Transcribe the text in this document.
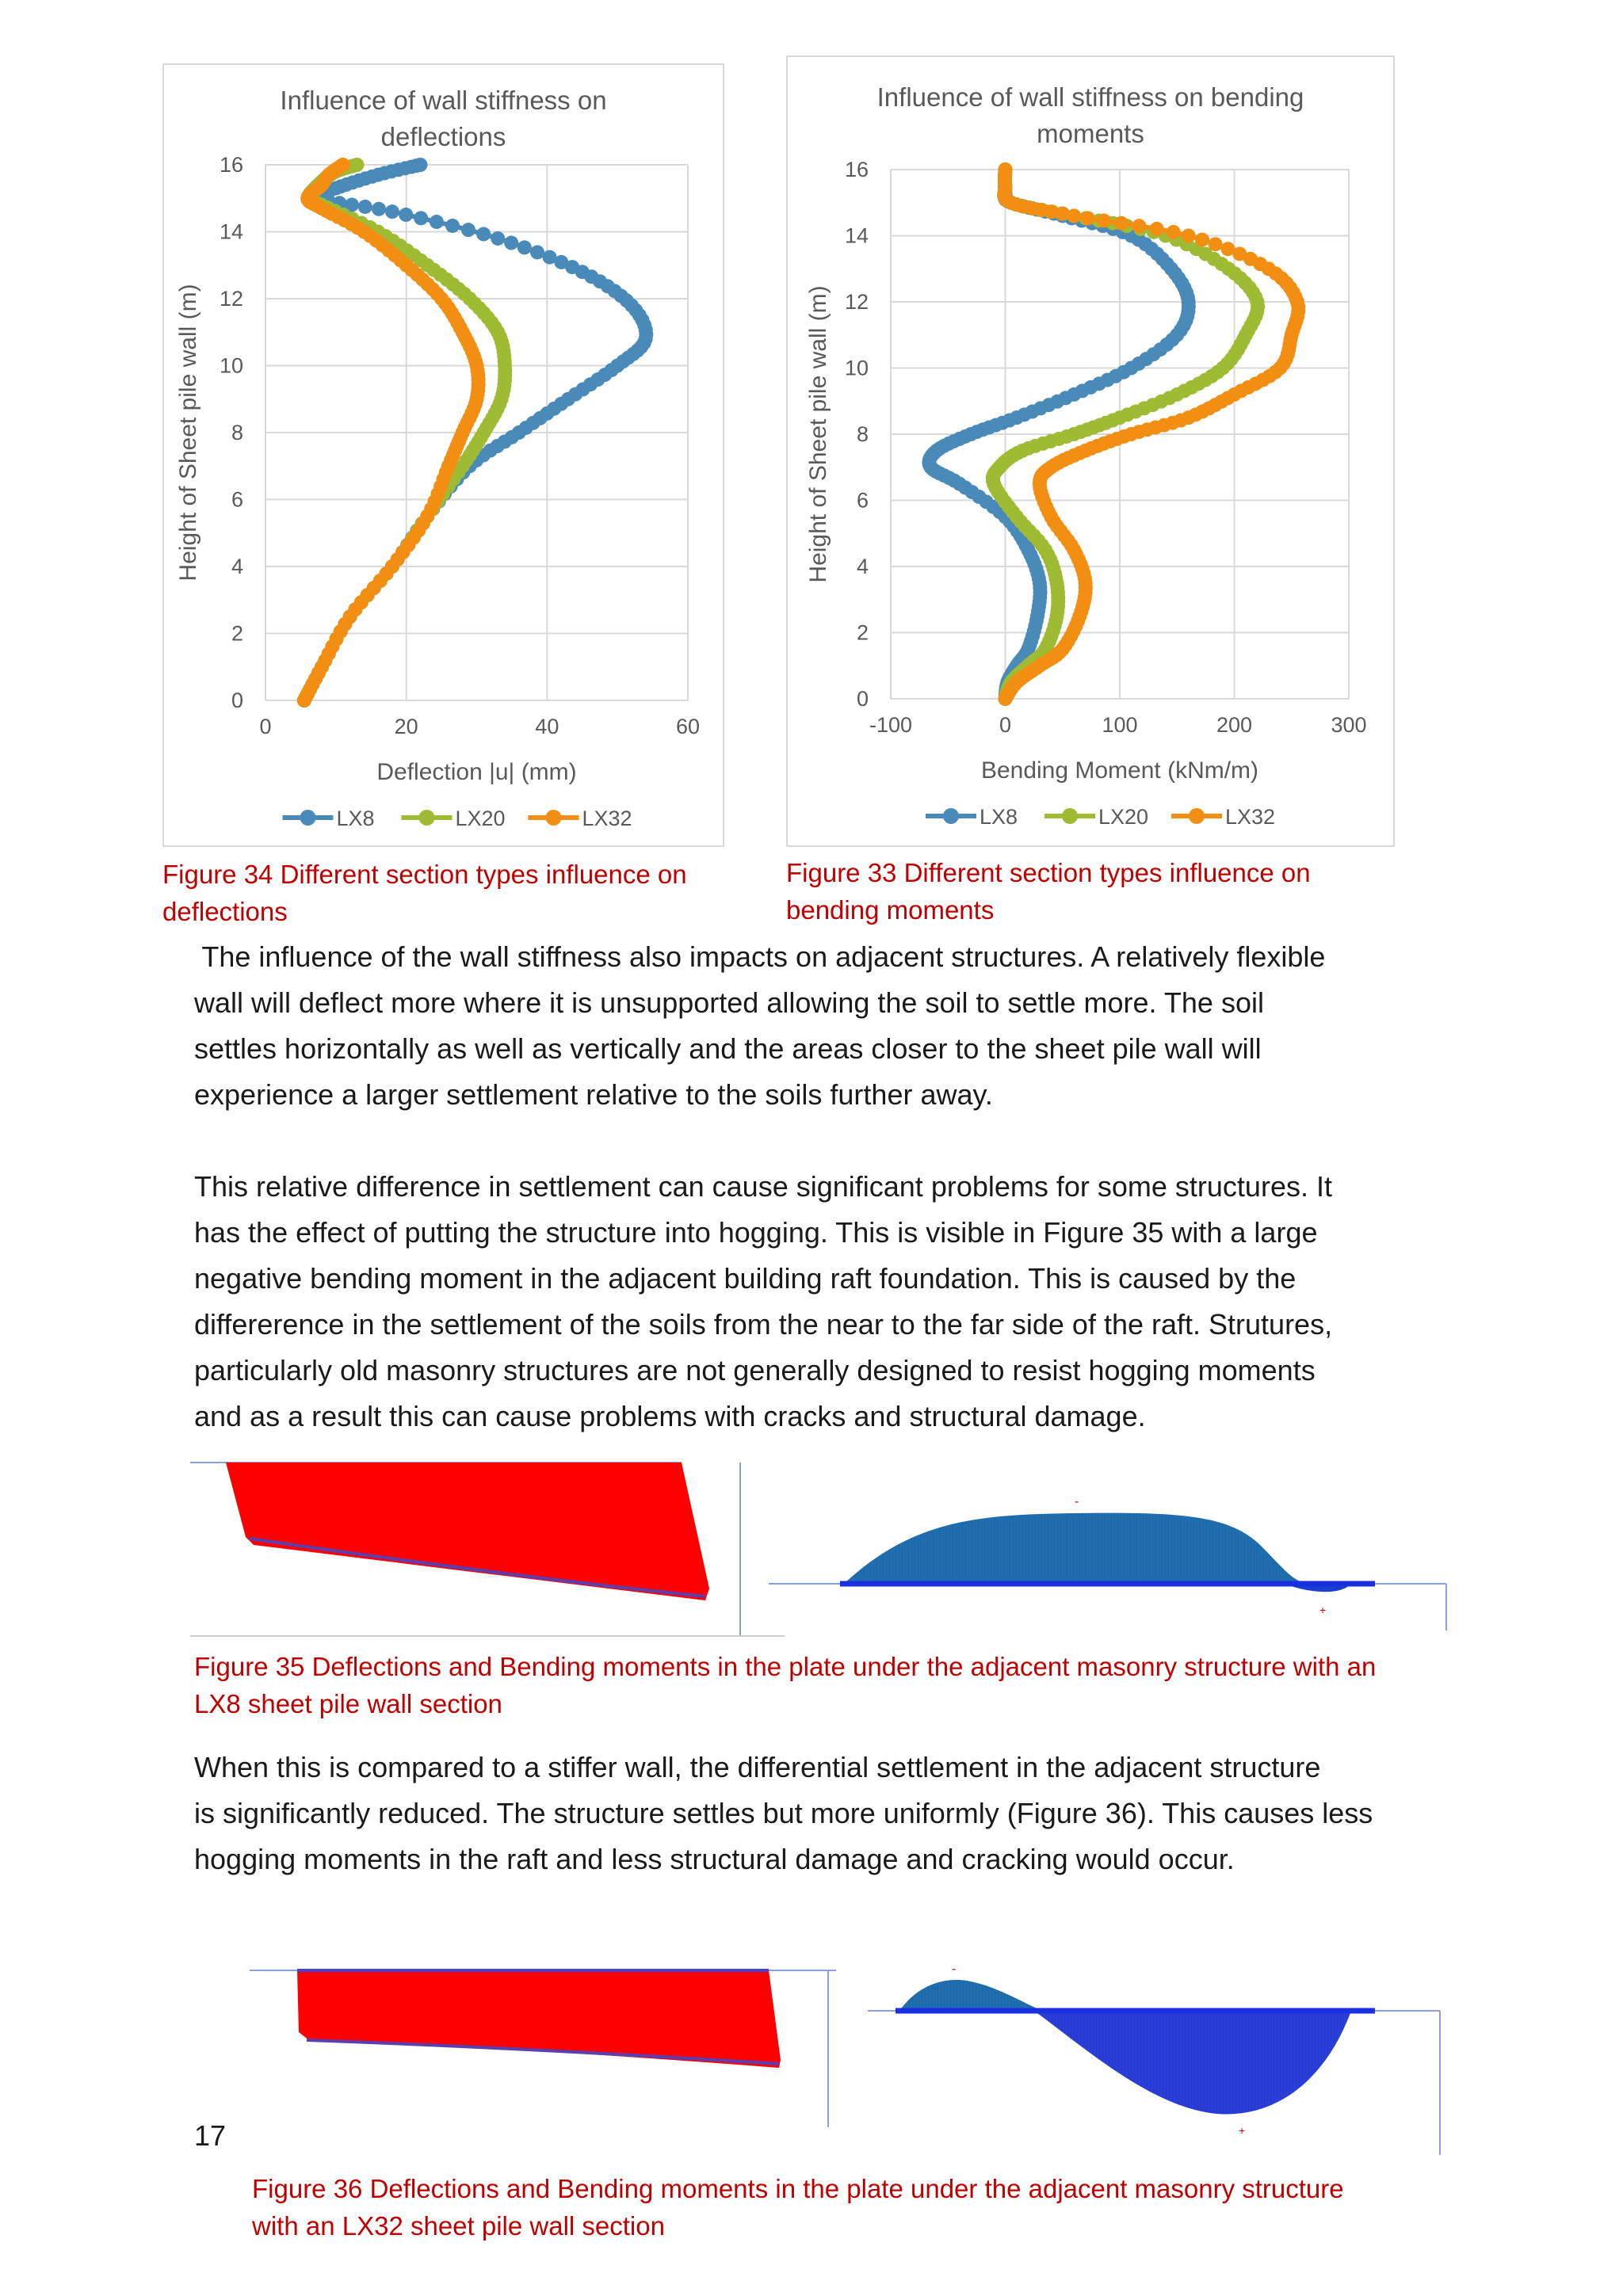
0	20	40	60
0
2
4
6
8
10
12
14
16
Influence of wall stiffness on
deflections
Deflection |u| (mm)
Height of Sheet pile wall (m)
LX8	LX20	LX32
-100	0	100	200	300
0
2
4
6
8
10
12
14
16
Influence of wall stiffness on bending
moments
Bending Moment (kNm/m)
Height of Sheet pile wall (m)
LX8	LX20	LX32
Figure 34 Different section types influence on
deflections
Figure 33 Different section types influence on
bending moments
The influence of the wall stiffness also impacts on adjacent structures. A relatively flexible
wall will deflect more where it is unsupported allowing the soil to settle more. The soil
settles horizontally as well as vertically and the areas closer to the sheet pile wall will
experience a larger settlement relative to the soils further away.
This relative difference in settlement can cause significant problems for some structures. It
has the effect of putting the structure into hogging. This is visible in Figure 35 with a large
negative bending moment in the adjacent building raft foundation. This is caused by the
differerence in the settlement of the soils from the near to the far side of the raft. Strutures,
particularly old masonry structures are not generally designed to resist hogging moments
and as a result this can cause problems with cracks and structural damage.
-
+
Figure 35 Deflections and Bending moments in the plate under the adjacent masonry structure with an
LX8 sheet pile wall section
When this is compared to a stiffer wall, the differential settlement in the adjacent structure
is significantly reduced. The structure settles but more uniformly (Figure 36). This causes less
hogging moments in the raft and less structural damage and cracking would occur.
-
+
17
Figure 36 Deflections and Bending moments in the plate under the adjacent masonry structure
with an LX32 sheet pile wall section
